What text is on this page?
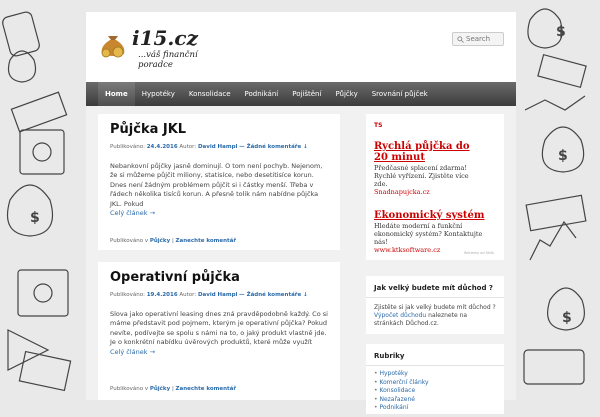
$
$
$
$
i15.cz
...váš finanční poradce
Search
Home	Hypotéky	Konsolidace	Podnikání	Pojištění	Půjčky	Srovnání půjček
Půjčka JKL
Publikováno: 24.4.2016 Autor: David Hampl — Žádné komentáře ↓
Nebankovní půjčky jasně dominují. O tom není pochyb. Nejenom, že si můžeme půjčit miliony, statisíce, nebo desetitisíce korun. Dnes není žádným problémem půjčit si i částky menší. Třeba v řádech několika tisíců korun. A přesně tolik nám nabídne půjčka JKL. Pokud
Celý článek →
Publikováno v Půjčky | Zanechte komentář
Operativní půjčka
Publikováno: 19.4.2016 Autor: David Hampl — Žádné komentáře ↓
Slova jako operativní leasing dnes zná pravděpodobně každý. Co si máme představit pod pojmem, kterým je operativní půjčka? Pokud nevíte, podívejte se spolu s námi na to, o jaký produkt vlastně jde. Je o konkrétní nabídku úvěrových produktů, které může využít
Celý článek →
Publikováno v Půjčky | Zanechte komentář
TS
Rychlá půjčka do 20 minut
Předčasné splacení zdarma! Rychlé vyřízení. Zjistěte více zde.
Snadnapujcka.cz
Ekonomický systém
Hledáte moderní a funkční ekonomický systém? Kontaktujte nás!
www.ktksoftware.cz	Reklamy od Sklik
Jak velký budete mít důchod ?
Zjistěte si jak velký budete mít důchod ? Výpočet důchodu naleznete na stránkách Důchod.cz.
Rubriky
• Hypotéky
• Komerční články
• Konsolidace
• Nezařazené
• Podnikání
